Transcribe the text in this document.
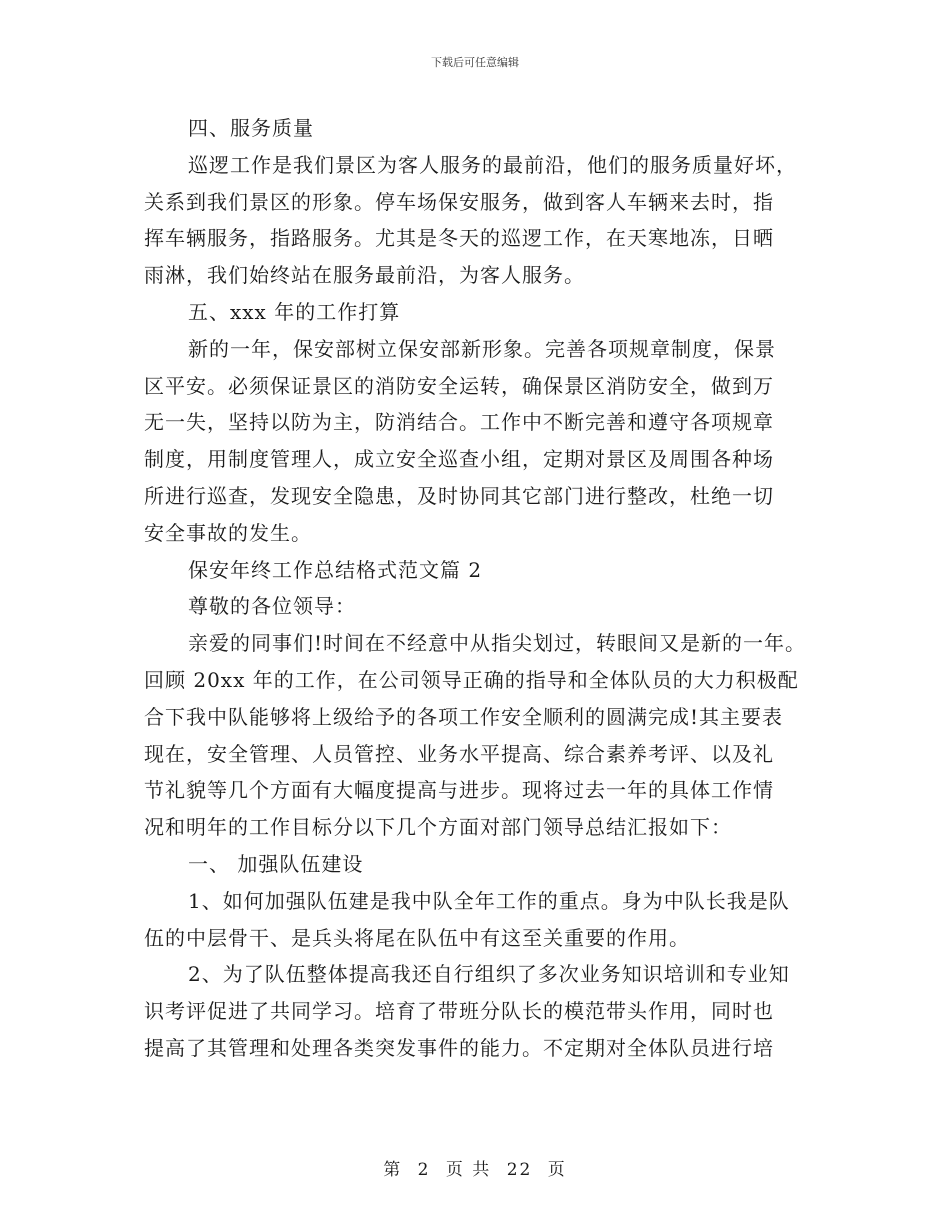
下载后可任意编辑
四、服务质量
巡逻工作是我们景区为客人服务的最前沿，他们的服务质量好坏，
关系到我们景区的形象。停车场保安服务，做到客人车辆来去时，指
挥车辆服务，指路服务。尤其是冬天的巡逻工作，在天寒地冻，日晒
雨淋，我们始终站在服务最前沿，为客人服务。
五、xxx 年的工作打算
新的一年，保安部树立保安部新形象。完善各项规章制度，保景
区平安。必须保证景区的消防安全运转，确保景区消防安全，做到万
无一失，坚持以防为主，防消结合。工作中不断完善和遵守各项规章
制度，用制度管理人，成立安全巡查小组，定期对景区及周围各种场
所进行巡查，发现安全隐患，及时协同其它部门进行整改，杜绝一切
安全事故的发生。
保安年终工作总结格式范文篇 2
尊敬的各位领导：
亲爱的同事们!时间在不经意中从指尖划过，转眼间又是新的一年。
回顾 20xx 年的工作，在公司领导正确的指导和全体队员的大力积极配
合下我中队能够将上级给予的各项工作安全顺利的圆满完成!其主要表
现在，安全管理、人员管控、业务水平提高、综合素养考评、以及礼
节礼貌等几个方面有大幅度提高与进步。现将过去一年的具体工作情
况和明年的工作目标分以下几个方面对部门领导总结汇报如下：
一、 加强队伍建设
1、如何加强队伍建是我中队全年工作的重点。身为中队长我是队
伍的中层骨干、是兵头将尾在队伍中有这至关重要的作用。
2、为了队伍整体提高我还自行组织了多次业务知识培训和专业知
识考评促进了共同学习。培育了带班分队长的模范带头作用，同时也
提高了其管理和处理各类突发事件的能力。不定期对全体队员进行培
第 2 页 共 22 页
